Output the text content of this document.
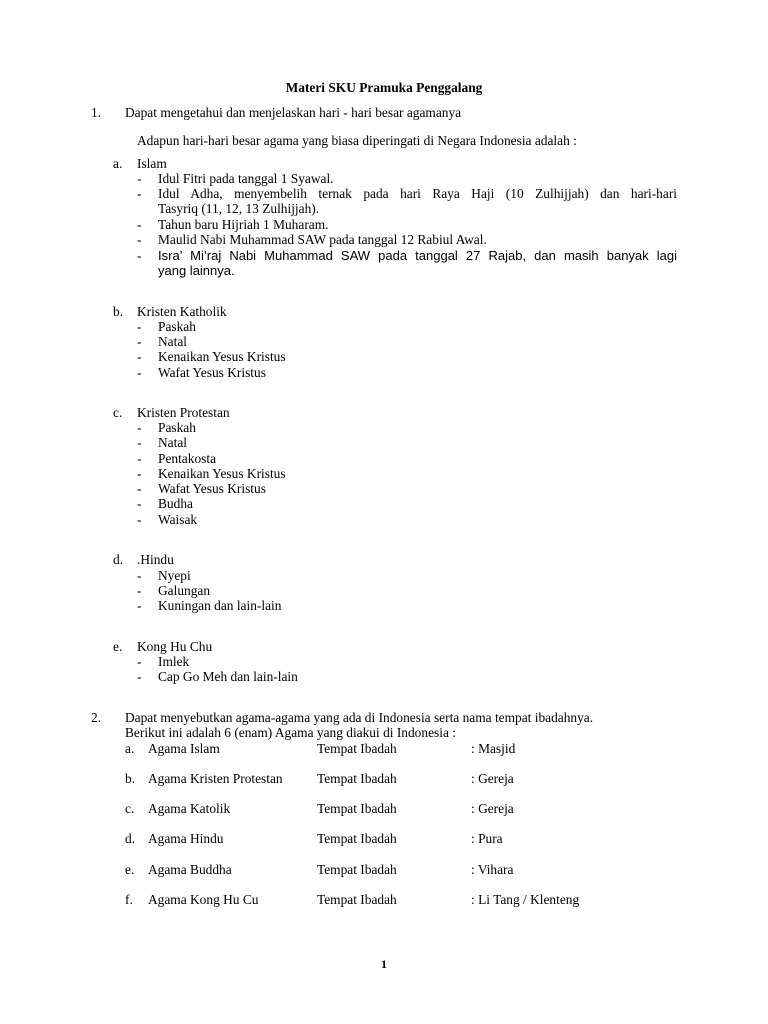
Materi SKU Pramuka Penggalang
1. Dapat mengetahui dan menjelaskan hari - hari besar agamanya
Adapun hari-hari besar agama yang biasa diperingati di Negara Indonesia adalah :
a. Islam
- Idul Fitri pada tanggal 1 Syawal.
- Idul Adha, menyembelih ternak pada hari Raya Haji (10 Zulhijjah) dan hari-hari
Tasyriq (11, 12, 13 Zulhijjah).
- Tahun baru Hijriah 1 Muharam.
- Maulid Nabi Muhammad SAW pada tanggal 12 Rabiul Awal.
- Isra’ Mi’raj Nabi Muhammad SAW pada tanggal 27 Rajab, dan masih banyak lagi
yang lainnya.
b. Kristen Katholik
- Paskah
- Natal
- Kenaikan Yesus Kristus
- Wafat Yesus Kristus
c. Kristen Protestan
- Paskah
- Natal
- Pentakosta
- Kenaikan Yesus Kristus
- Wafat Yesus Kristus
- Budha
- Waisak
d. .Hindu
- Nyepi
- Galungan
- Kuningan dan lain-lain
e. Kong Hu Chu
- Imlek
- Cap Go Meh dan lain-lain
2. Dapat menyebutkan agama-agama yang ada di Indonesia serta nama tempat ibadahnya.
Berikut ini adalah 6 (enam) Agama yang diakui di Indonesia :
a. Agama Islam	Tempat Ibadah	: Masjid
b. Agama Kristen Protestan	Tempat Ibadah	: Gereja
c. Agama Katolik	Tempat Ibadah	: Gereja
d. Agama Hindu	Tempat Ibadah	: Pura
e. Agama Buddha	Tempat Ibadah	: Vihara
f. Agama Kong Hu Cu	Tempat Ibadah	: Li Tang / Klenteng
1
